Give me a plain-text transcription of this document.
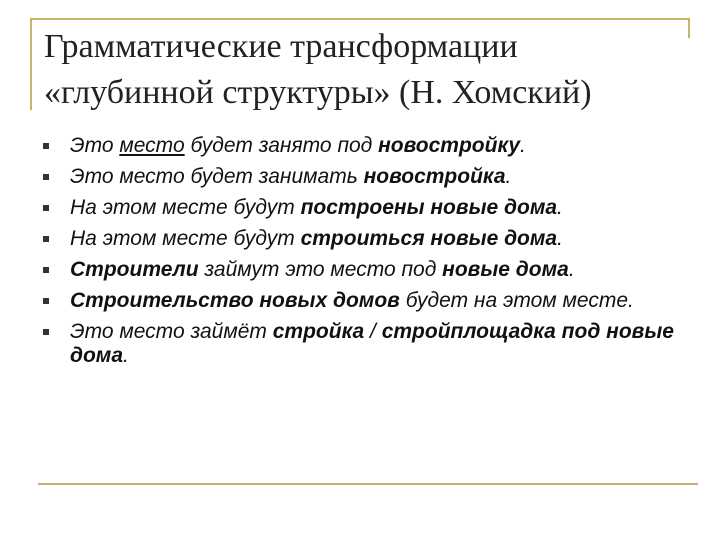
Грамматические трансформации
«глубинной структуры» (Н. Хомский)
Это место будет занято под новостройку.
Это место будет занимать новостройка.
На этом месте будут построены новые дома.
На этом месте будут строиться новые дома.
Строители займут это место под новые дома.
Строительство новых домов будет на этом месте.
Это место займёт стройка / стройплощадка под новые дома.
